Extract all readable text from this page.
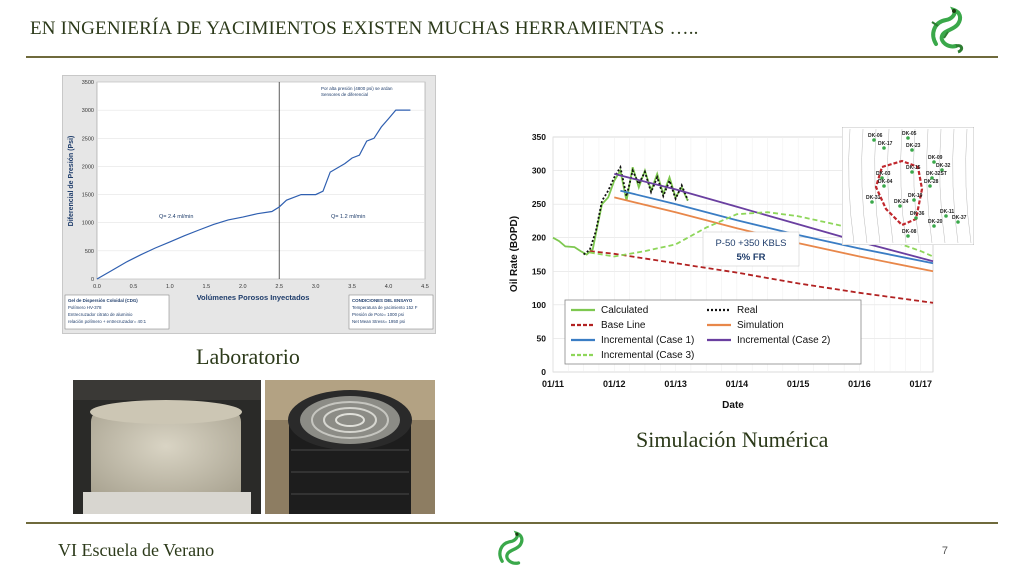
EN INGENIERÍA DE YACIMIENTOS EXISTEN MUCHAS HERRAMIENTAS …..
0
500
1000
1500
2000
2500
3000
3500
0.0	0.5	1.0	1.5	2.0	2.5	3.0	3.5	4.0	4.5
Diferencial de Presión (Psi)
Volúmenes Porosos Inyectados
Por alta presión (4800 psi) se ardan
Sensores de diferencial
Q= 2.4 ml/min	Q= 1.2 ml/min
Gel de Dispersión Coloidal (CDG)
Polímero HV-378
Entrecruzador citrato de aluminio
relación polímero + entrecruzador= 40:1
CONDICIONES DEL ENSAYO
Temperatura de yacimiento 152 F
Presión de Poro= 1000 psi
Net Mean Stress= 1950 psi
Laboratorio
0
50
100
150
200
250
300
350
01/11	01/12	01/13	01/14	01/15	01/16	01/17
Date
Oil Rate (BOPD)	P-50 +350 KBLS
5% FR
Calculated	Real
Base Line	Simulation
Incremental (Case 1)	Incremental (Case 2)
Incremental (Case 3)
DK-06	DK-05
DK-17	DK-23
DK-09
DK-32
DK-15
DK-03
DK-04
DK-32ST
DK-28
DK-31	DK-19
DK-24
DK-11
DK-36
DK-37
DK-20
DK-08
Simulación Numérica
VI Escuela de Verano	7
